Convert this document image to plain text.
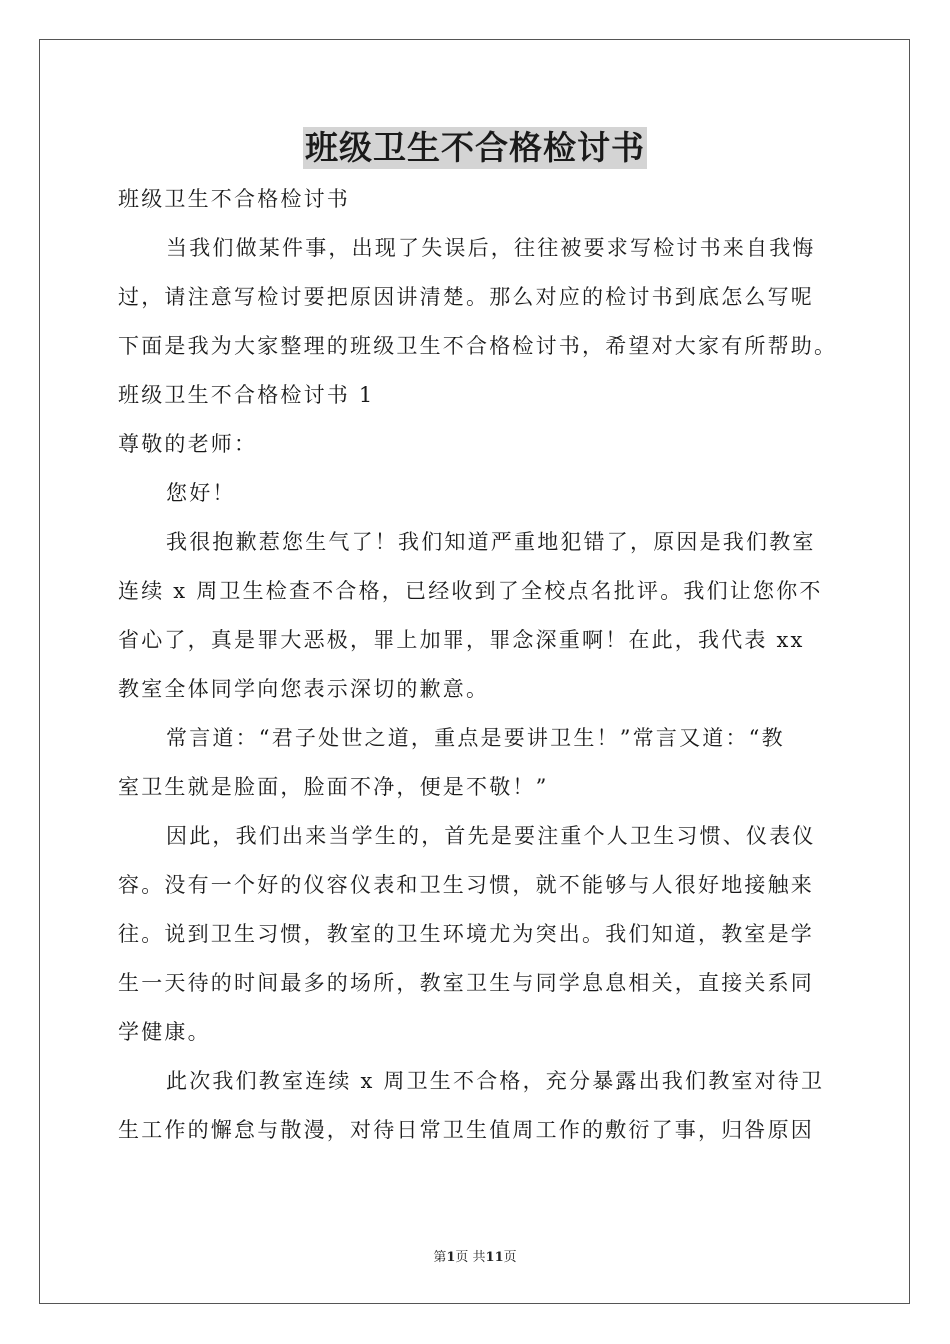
班级卫生不合格检讨书
班级卫生不合格检讨书
当我们做某件事，出现了失误后，往往被要求写检讨书来自我悔
过，请注意写检讨要把原因讲清楚。那么对应的检讨书到底怎么写呢
下面是我为大家整理的班级卫生不合格检讨书，希望对大家有所帮助。
班级卫生不合格检讨书 1
尊敬的老师：
您好！
我很抱歉惹您生气了！我们知道严重地犯错了，原因是我们教室
连续 x 周卫生检查不合格，已经收到了全校点名批评。我们让您你不
省心了，真是罪大恶极，罪上加罪，罪念深重啊！在此，我代表 xx
教室全体同学向您表示深切的歉意。
常言道：“君子处世之道，重点是要讲卫生！”常言又道：“教
室卫生就是脸面，脸面不净，便是不敬！”
因此，我们出来当学生的，首先是要注重个人卫生习惯、仪表仪
容。没有一个好的仪容仪表和卫生习惯，就不能够与人很好地接触来
往。说到卫生习惯，教室的卫生环境尤为突出。我们知道，教室是学
生一天待的时间最多的场所，教室卫生与同学息息相关，直接关系同
学健康。
此次我们教室连续 x 周卫生不合格，充分暴露出我们教室对待卫
生工作的懈怠与散漫，对待日常卫生值周工作的敷衍了事，归咎原因
第1页 共11页
